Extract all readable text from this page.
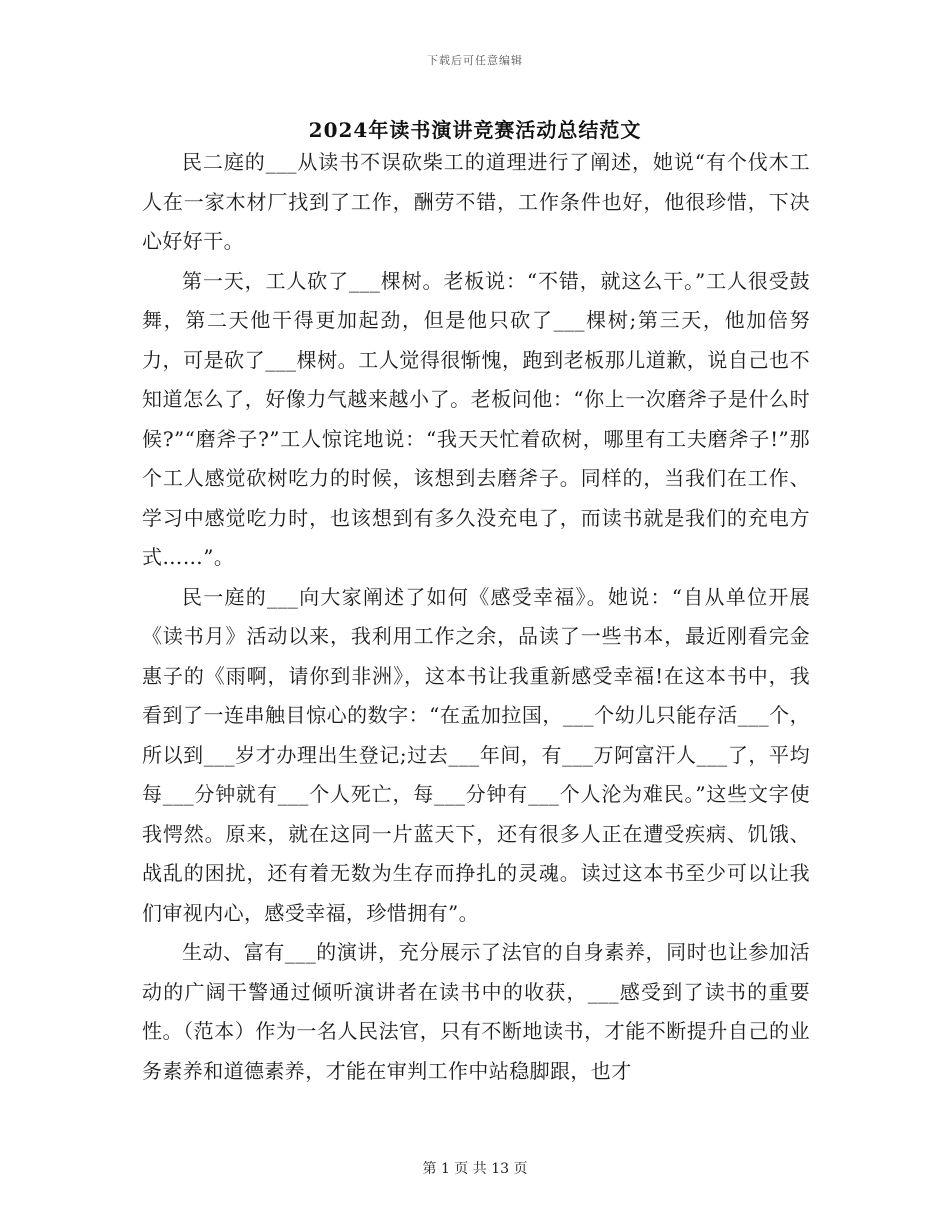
下载后可任意编辑
2024年读书演讲竞赛活动总结范文

民二庭的___从读书不误砍柴工的道理进行了阐述，她说“有个伐木工人在一家木材厂找到了工作，酬劳不错，工作条件也好，他很珍惜，下决心好好干。

第一天，工人砍了___棵树。老板说：“不错，就这么干。”工人很受鼓舞，第二天他干得更加起劲，但是他只砍了___棵树;第三天，他加倍努力，可是砍了___棵树。工人觉得很惭愧，跑到老板那儿道歉，说自己也不知道怎么了，好像力气越来越小了。老板问他：“你上一次磨斧子是什么时候?”“磨斧子?”工人惊诧地说：“我天天忙着砍树，哪里有工夫磨斧子!”那个工人感觉砍树吃力的时候，该想到去磨斧子。同样的，当我们在工作、学习中感觉吃力时，也该想到有多久没充电了，而读书就是我们的充电方式……”。

民一庭的___向大家阐述了如何《感受幸福》。她说：“自从单位开展《读书月》活动以来，我利用工作之余，品读了一些书本，最近刚看完金惠子的《雨啊，请你到非洲》，这本书让我重新感受幸福!在这本书中，我看到了一连串触目惊心的数字：“在孟加拉国，___个幼儿只能存活___个，所以到___岁才办理出生登记;过去___年间，有___万阿富汗人___了，平均每___分钟就有___个人死亡，每___分钟有___个人沦为难民。”这些文字使我愕然。原来，就在这同一片蓝天下，还有很多人正在遭受疾病、饥饿、战乱的困扰，还有着无数为生存而挣扎的灵魂。读过这本书至少可以让我们审视内心，感受幸福，珍惜拥有”。

生动、富有___的演讲，充分展示了法官的自身素养，同时也让参加活动的广阔干警通过倾听演讲者在读书中的收获，___感受到了读书的重要性。（范本）作为一名人民法官，只有不断地读书，才能不断提升自己的业务素养和道德素养，才能在审判工作中站稳脚跟，也才

第 1 页 共 13 页
